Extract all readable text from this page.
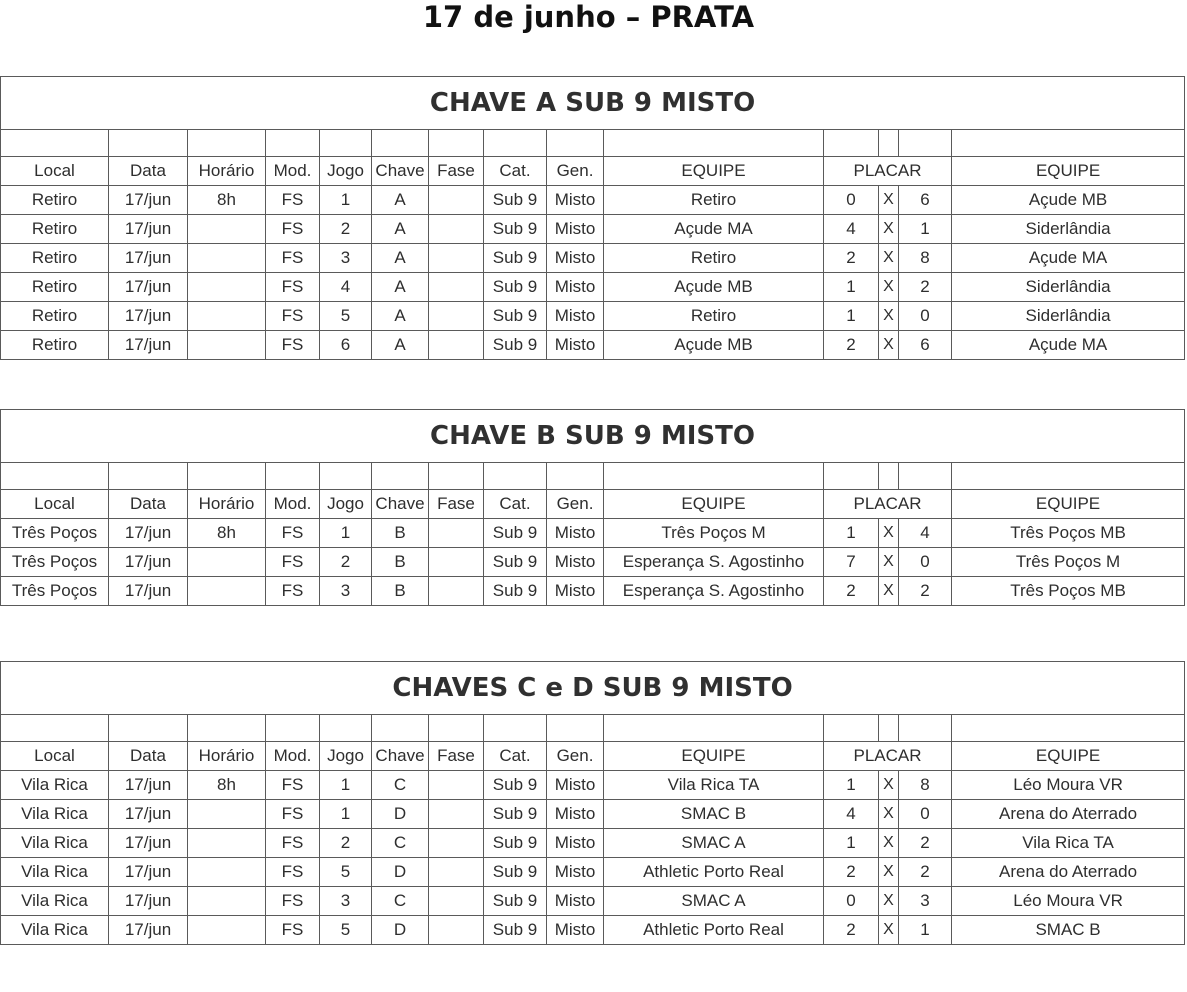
17 de junho – PRATA
CHAVE A SUB 9 MISTO													

Local	Data	Horário	Mod.	Jogo	Chave	Fase	Cat.	Gen.	EQUIPE	PLACAR			EQUIPE
Retiro	17/jun	8h	FS	1	A		Sub 9	Misto	Retiro	0	X	6	Açude MB
Retiro	17/jun		FS	2	A		Sub 9	Misto	Açude MA	4	X	1	Siderlândia
Retiro	17/jun		FS	3	A		Sub 9	Misto	Retiro	2	X	8	Açude MA
Retiro	17/jun		FS	4	A		Sub 9	Misto	Açude MB	1	X	2	Siderlândia
Retiro	17/jun		FS	5	A		Sub 9	Misto	Retiro	1	X	0	Siderlândia
Retiro	17/jun		FS	6	A		Sub 9	Misto	Açude MB	2	X	6	Açude MA
CHAVE B SUB 9 MISTO													

Local	Data	Horário	Mod.	Jogo	Chave	Fase	Cat.	Gen.	EQUIPE	PLACAR			EQUIPE
Três Poços	17/jun	8h	FS	1	B		Sub 9	Misto	Três Poços M	1	X	4	Três Poços MB
Três Poços	17/jun		FS	2	B		Sub 9	Misto	Esperança S. Agostinho	7	X	0	Três Poços M
Três Poços	17/jun		FS	3	B		Sub 9	Misto	Esperança S. Agostinho	2	X	2	Três Poços MB
CHAVES C e D SUB 9 MISTO													

Local	Data	Horário	Mod.	Jogo	Chave	Fase	Cat.	Gen.	EQUIPE	PLACAR			EQUIPE
Vila Rica	17/jun	8h	FS	1	C		Sub 9	Misto	Vila Rica TA	1	X	8	Léo Moura VR
Vila Rica	17/jun		FS	1	D		Sub 9	Misto	SMAC B	4	X	0	Arena do Aterrado
Vila Rica	17/jun		FS	2	C		Sub 9	Misto	SMAC A	1	X	2	Vila Rica TA
Vila Rica	17/jun		FS	5	D		Sub 9	Misto	Athletic Porto Real	2	X	2	Arena do Aterrado
Vila Rica	17/jun		FS	3	C		Sub 9	Misto	SMAC A	0	X	3	Léo Moura VR
Vila Rica	17/jun		FS	5	D		Sub 9	Misto	Athletic Porto Real	2	X	1	SMAC B
